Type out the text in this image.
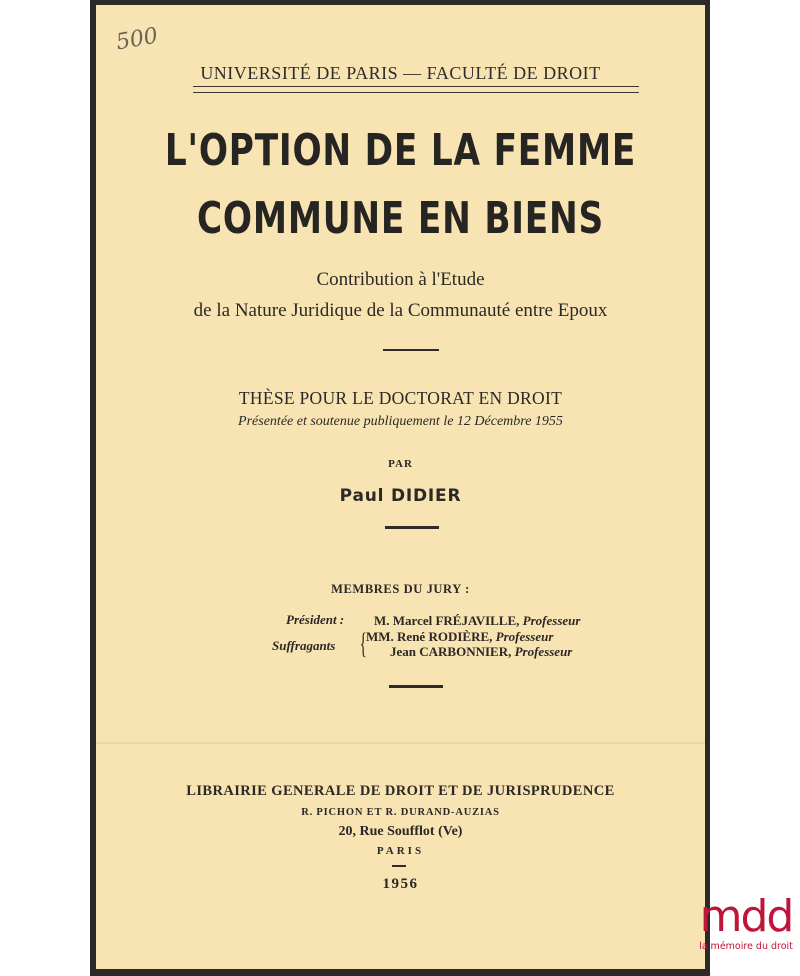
500
UNIVERSITÉ DE PARIS — FACULTÉ DE DROIT
L'OPTION DE LA FEMME
COMMUNE EN BIENS
Contribution à l'Etude
de la Nature Juridique de la Communauté entre Epoux
THÈSE POUR LE DOCTORAT EN DROIT
Présentée et soutenue publiquement le 12 Décembre 1955
PAR
Paul DIDIER
MEMBRES DU JURY :
Président :
Suffragants {
M. Marcel FRÉJAVILLE, Professeur
MM. René RODIÈRE, Professeur
Jean CARBONNIER, Professeur
LIBRAIRIE GENERALE DE DROIT ET DE JURISPRUDENCE
R. PICHON ET R. DURAND-AUZIAS
20, Rue Soufflot (Ve)
PARIS
1956
mdd
la mémoire du droit
